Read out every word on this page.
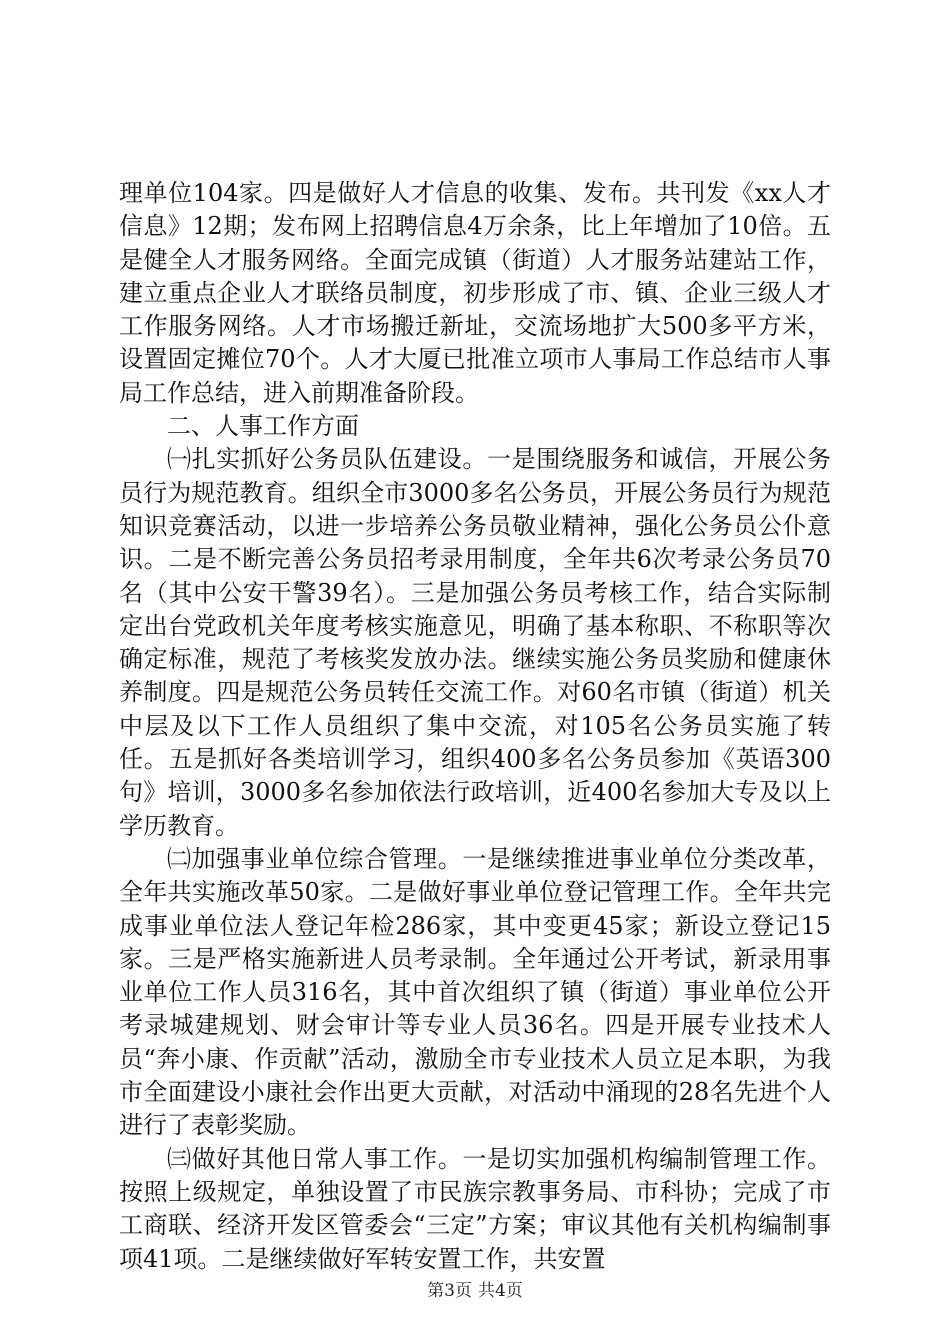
理单位104家。四是做好人才信息的收集、发布。共刊发《xx人才信息》12期；发布网上招聘信息4万余条，比上年增加了10倍。五是健全人才服务网络。全面完成镇（街道）人才服务站建站工作，建立重点企业人才联络员制度，初步形成了市、镇、企业三级人才工作服务网络。人才市场搬迁新址，交流场地扩大500多平方米，设置固定摊位70个。人才大厦已批准立项市人事局工作总结市人事局工作总结，进入前期准备阶段。

二、人事工作方面

㈠扎实抓好公务员队伍建设。一是围绕服务和诚信，开展公务员行为规范教育。组织全市3000多名公务员，开展公务员行为规范知识竞赛活动，以进一步培养公务员敬业精神，强化公务员公仆意识。二是不断完善公务员招考录用制度，全年共6次考录公务员70名（其中公安干警39名）。三是加强公务员考核工作，结合实际制定出台党政机关年度考核实施意见，明确了基本称职、不称职等次确定标准，规范了考核奖发放办法。继续实施公务员奖励和健康休养制度。四是规范公务员转任交流工作。对60名市镇（街道）机关中层及以下工作人员组织了集中交流，对105名公务员实施了转任。五是抓好各类培训学习，组织400多名公务员参加《英语300句》培训，3000多名参加依法行政培训，近400名参加大专及以上学历教育。

㈡加强事业单位综合管理。一是继续推进事业单位分类改革，全年共实施改革50家。二是做好事业单位登记管理工作。全年共完成事业单位法人登记年检286家，其中变更45家；新设立登记15家。三是严格实施新进人员考录制。全年通过公开考试，新录用事业单位工作人员316名，其中首次组织了镇（街道）事业单位公开考录城建规划、财会审计等专业人员36名。四是开展专业技术人员“奔小康、作贡献”活动，激励全市专业技术人员立足本职，为我市全面建设小康社会作出更大贡献，对活动中涌现的28名先进个人进行了表彰奖励。

㈢做好其他日常人事工作。一是切实加强机构编制管理工作。按照上级规定，单独设置了市民族宗教事务局、市科协；完成了市工商联、经济开发区管委会“三定”方案；审议其他有关机构编制事项41项。二是继续做好军转安置工作，共安置

第3页 共4页
